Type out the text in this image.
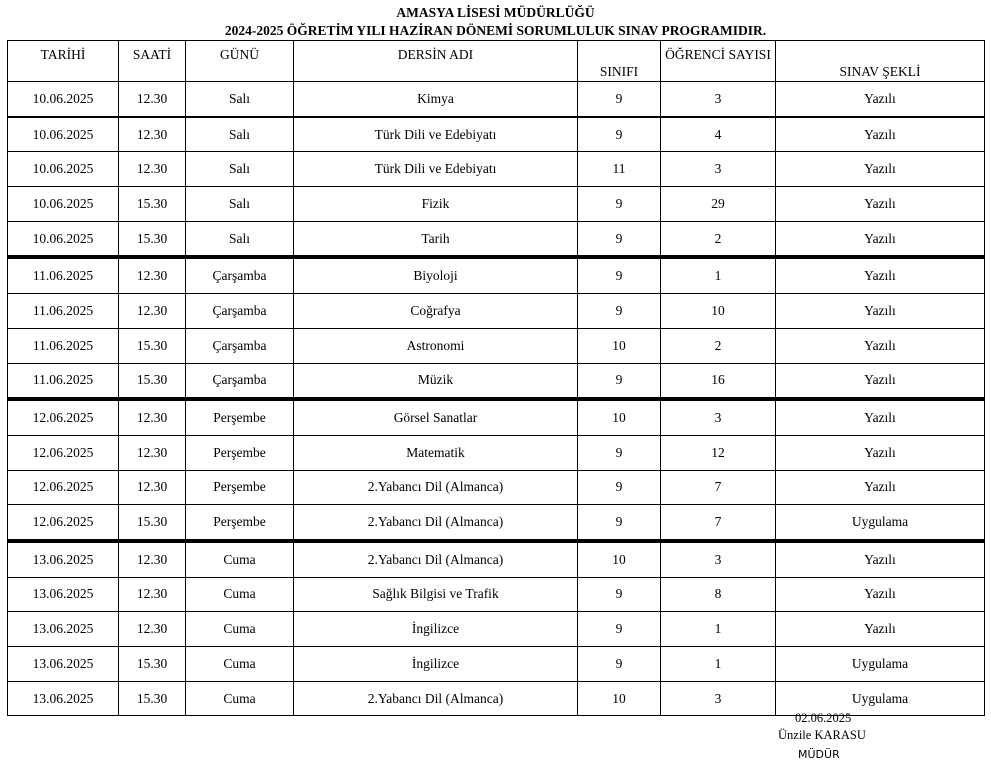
AMASYA LİSESİ MÜDÜRLÜĞÜ
2024-2025 ÖĞRETİM YILI HAZİRAN DÖNEMİ SORUMLULUK SINAV PROGRAMIDIR.
TARİHİ	SAATİ	GÜNÜ	DERSİN ADI	SINIFI	ÖĞRENCİ SAYISI	SINAV ŞEKLİ
10.06.2025	12.30	Salı	Kimya	9	3	Yazılı
10.06.2025	12.30	Salı	Türk Dili ve Edebiyatı	9	4	Yazılı
10.06.2025	12.30	Salı	Türk Dili ve Edebiyatı	11	3	Yazılı
10.06.2025	15.30	Salı	Fizik	9	29	Yazılı
10.06.2025	15.30	Salı	Tarih	9	2	Yazılı
11.06.2025	12.30	Çarşamba	Biyoloji	9	1	Yazılı
11.06.2025	12.30	Çarşamba	Coğrafya	9	10	Yazılı
11.06.2025	15.30	Çarşamba	Astronomi	10	2	Yazılı
11.06.2025	15.30	Çarşamba	Müzik	9	16	Yazılı
12.06.2025	12.30	Perşembe	Görsel Sanatlar	10	3	Yazılı
12.06.2025	12.30	Perşembe	Matematik	9	12	Yazılı
12.06.2025	12.30	Perşembe	2.Yabancı Dil (Almanca)	9	7	Yazılı
12.06.2025	15.30	Perşembe	2.Yabancı Dil (Almanca)	9	7	Uygulama
13.06.2025	12.30	Cuma	2.Yabancı Dil (Almanca)	10	3	Yazılı
13.06.2025	12.30	Cuma	Sağlık Bilgisi ve Trafik	9	8	Yazılı
13.06.2025	12.30	Cuma	İngilizce	9	1	Yazılı
13.06.2025	15.30	Cuma	İngilizce	9	1	Uygulama
13.06.2025	15.30	Cuma	2.Yabancı Dil (Almanca)	10	3	Uygulama
02.06.2025
Ünzile KARASU
MÜDÜR
